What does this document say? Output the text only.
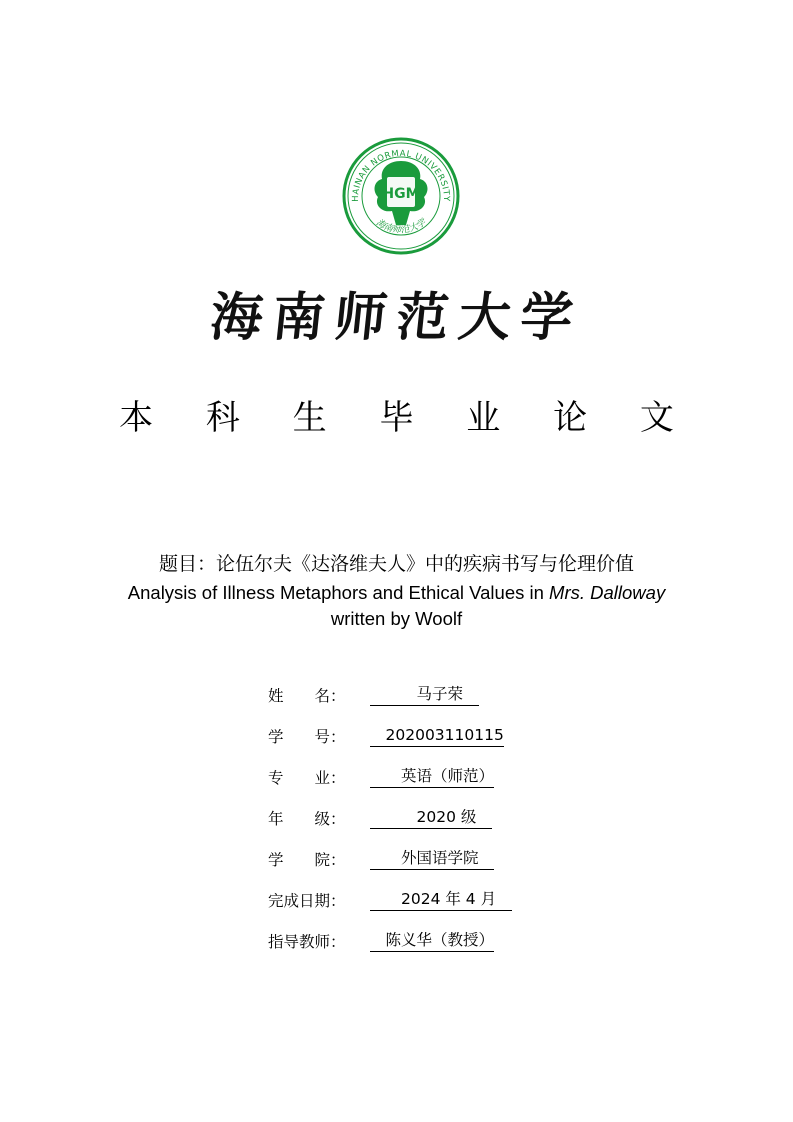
HAINAN NORMAL UNIVERSITY
海南师范大学
HGM
海南师范大学
本 科 生 毕 业 论 文
题目：论伍尔夫《达洛维夫人》中的疾病书写与伦理价值
Analysis of Illness Metaphors and Ethical Values in Mrs. Dalloway
written by Woolf
姓　　名：	　　　马子荣　
学　　号：	　202003110115
专　　业：	　　英语（师范）
年　　级：	　　　2020 级　
学　　院：	　　外国语学院　
完成日期：	　　2024 年 4 月　
指导教师：	　陈义华（教授）
